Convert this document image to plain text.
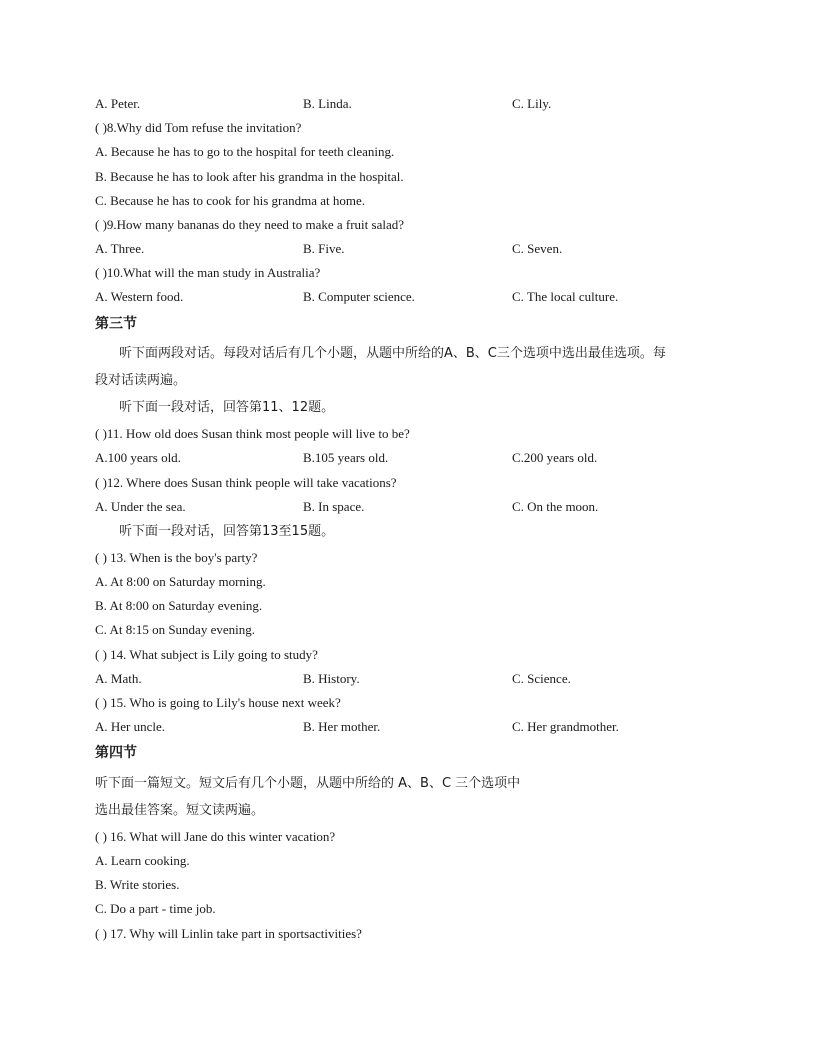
A. Peter.	B. Linda.	C. Lily.
( )8.Why did Tom refuse the invitation?
A. Because he has to go to the hospital for teeth cleaning.
B. Because he has to look after his grandma in the hospital.
C. Because he has to cook for his grandma at home.
( )9.How many bananas do they need to make a fruit salad?
A. Three.	B. Five.	C. Seven.
( )10.What will the man study in Australia?
A. Western food.	B. Computer science.	C. The local culture.
第三节
听下面两段对话。每段对话后有几个小题，从题中所给的A、B、C三个选项中选出最佳选项。每
段对话读两遍。
听下面一段对话，回答第11、12题。
( )11. How old does Susan think most people will live to be?
A.100 years old.	B.105 years old.	C.200 years old.
( )12. Where does Susan think people will take vacations?
A. Under the sea.	B. In space.	C. On the moon.
听下面一段对话，回答第13至15题。
( ) 13. When is the boy's party?
A. At 8:00 on Saturday morning.
B. At 8:00 on Saturday evening.
C. At 8:15 on Sunday evening.
( ) 14. What subject is Lily going to study?
A. Math.	B. History.	C. Science.
( ) 15. Who is going to Lily's house next week?
A. Her uncle.	B. Her mother.	C. Her grandmother.
第四节
听下面一篇短文。短文后有几个小题，从题中所给的 A、B、C 三个选项中
选出最佳答案。短文读两遍。
( ) 16. What will Jane do this winter vacation?
A. Learn cooking.
B. Write stories.
C. Do a part - time job.
( ) 17. Why will Linlin take part in sportsactivities?
